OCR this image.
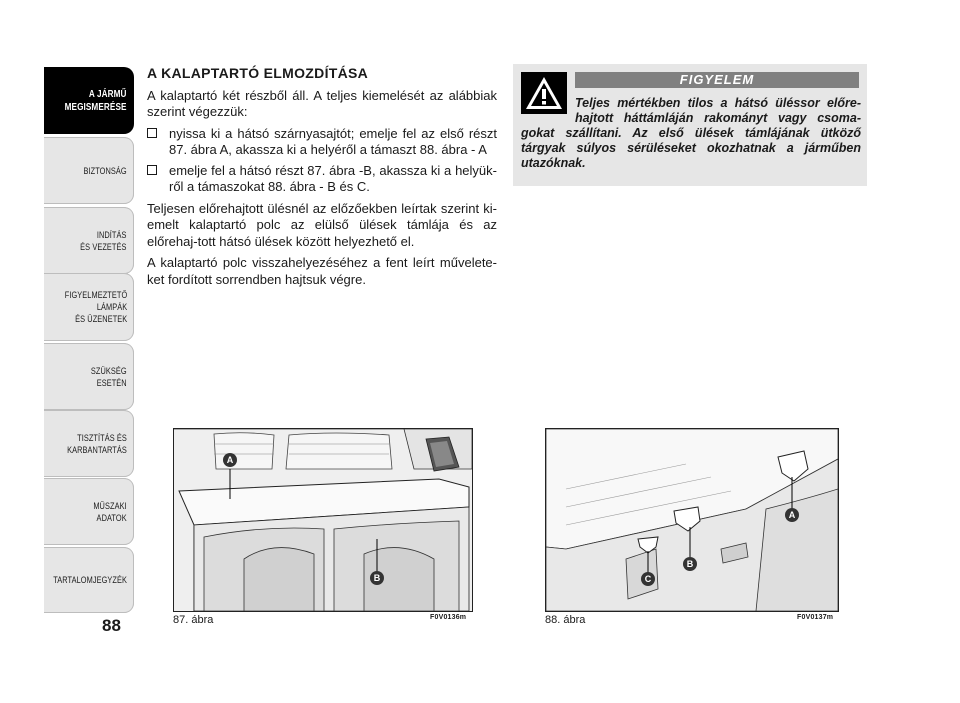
A JÁRMŰ
MEGISMERÉSE
BIZTONSÁG
INDÍTÁS
ÉS VEZETÉS
FIGYELMEZTETŐ
LÁMPÁK
ÉS ÜZENETEK
SZÜKSÉG
ESETÉN
TISZTÍTÁS ÉS
KARBANTARTÁS
MŰSZAKI
ADATOK
TARTALOMJEGYZÉK
88
A KALAPTARTÓ ELMOZDÍTÁSA

A kalaptartó két részből áll. A teljes kiemelését az alábbiak szerint végezzük:

nyissa ki a hátsó szárnyasajtót; emelje fel az első részt 87. ábra A, akassza ki a helyéről a támaszt 88. ábra - A
emelje fel a hátsó részt 87. ábra -B, akassza ki a helyük-ről a támaszokat 88. ábra - B és C.

Teljesen előrehajtott ülésnél az előzőekben leírtak szerint ki-emelt kalaptartó polc az elülső ülések támlája és az előrehaj-tott hátsó ülések között helyezhető el.

A kalaptartó polc visszahelyezéséhez a fent leírt művelete-ket fordított sorrendben hajtsuk végre.

FIGYELEM
Teljes mértékben tilos a hátsó üléssor előre-hajtott háttámláján rakományt vagy csoma-gokat szállítani. Az első ülések támlájának ütköző tárgyak súlyos sérüléseket okozhatnak a járműben utazóknak.
A
B
87. ábra	F0V0136m
A
B
C
88. ábra	F0V0137m
